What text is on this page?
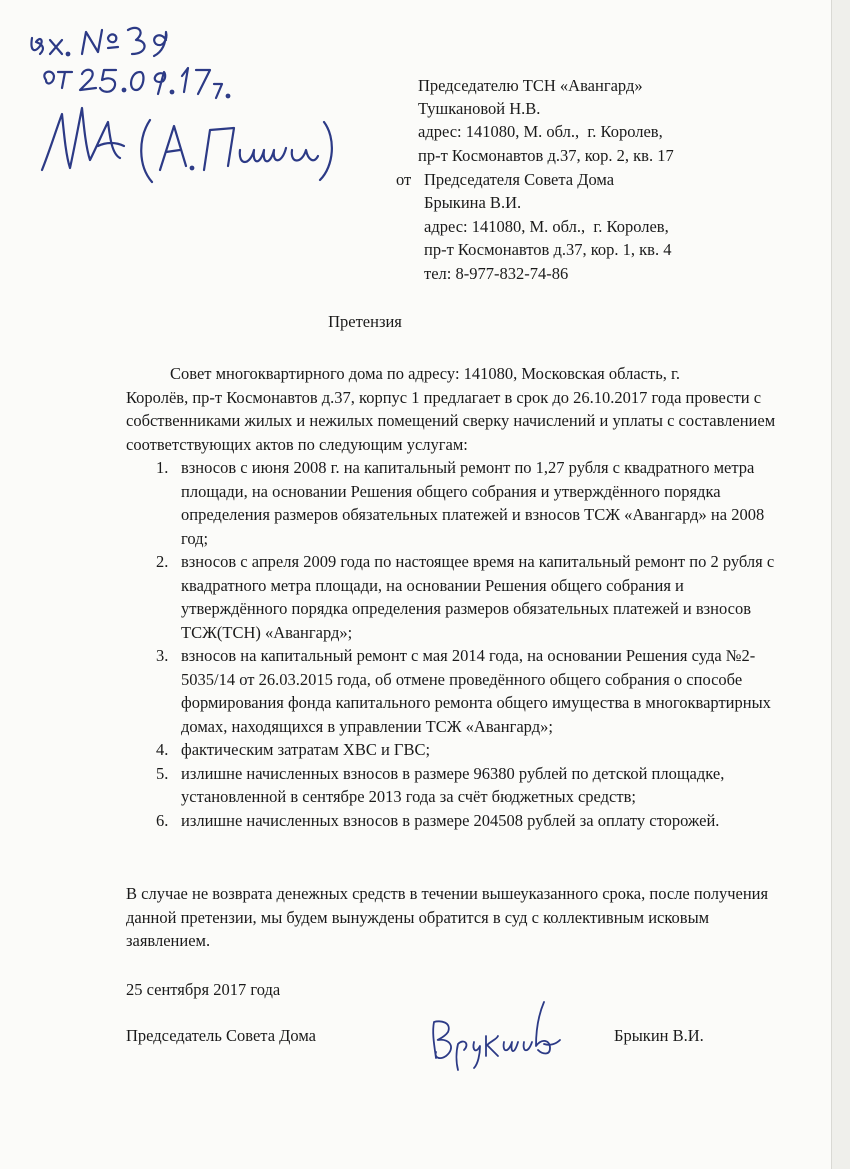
Председателю ТСН «Авангард»
Тушкановой Н.В.
адрес: 141080, М. обл.,  г. Королев,
пр-т Космонавтов д.37, кор. 2, кв. 17
от Председателя Совета Дома
Брыкина В.И.
адрес: 141080, М. обл.,  г. Королев,
пр-т Космонавтов д.37, кор. 1, кв. 4
тел: 8-977-832-74-86
Претензия
Совет многоквартирного дома по адресу: 141080, Московская область, г.
Королёв, пр-т Космонавтов д.37, корпус 1 предлагает в срок до 26.10.2017 года провести с собственниками жилых и нежилых помещений сверку начислений и уплаты с составлением соответствующих актов по следующим услугам:
1. взносов с июня 2008 г. на капитальный ремонт по 1,27 рубля с квадратного метра площади, на основании Решения общего собрания и утверждённого порядка определения размеров обязательных платежей и взносов ТСЖ «Авангард» на 2008 год;
2. взносов с апреля 2009 года по настоящее время на капитальный ремонт по 2 рубля с квадратного метра площади, на основании Решения общего собрания и утверждённого порядка определения размеров обязательных платежей и взносов ТСЖ(ТСН) «Авангард»;
3. взносов на капитальный ремонт с мая 2014 года, на основании Решения суда №2-5035/14 от 26.03.2015 года, об отмене проведённого общего собрания о способе формирования фонда капитального ремонта общего имущества в многоквартирных домах, находящихся в управлении ТСЖ «Авангард»;
4. фактическим затратам ХВС и ГВС;
5. излишне начисленных взносов в размере 96380 рублей по детской площадке, установленной в сентябре 2013 года за счёт бюджетных средств;
6. излишне начисленных взносов в размере 204508 рублей за оплату сторожей.
В случае не возврата денежных средств в течении вышеуказанного срока, после получения данной претензии, мы будем вынуждены обратится в суд с коллективным исковым заявлением.
25 сентября 2017 года
Председатель Совета Дома	Брыкин В.И.
